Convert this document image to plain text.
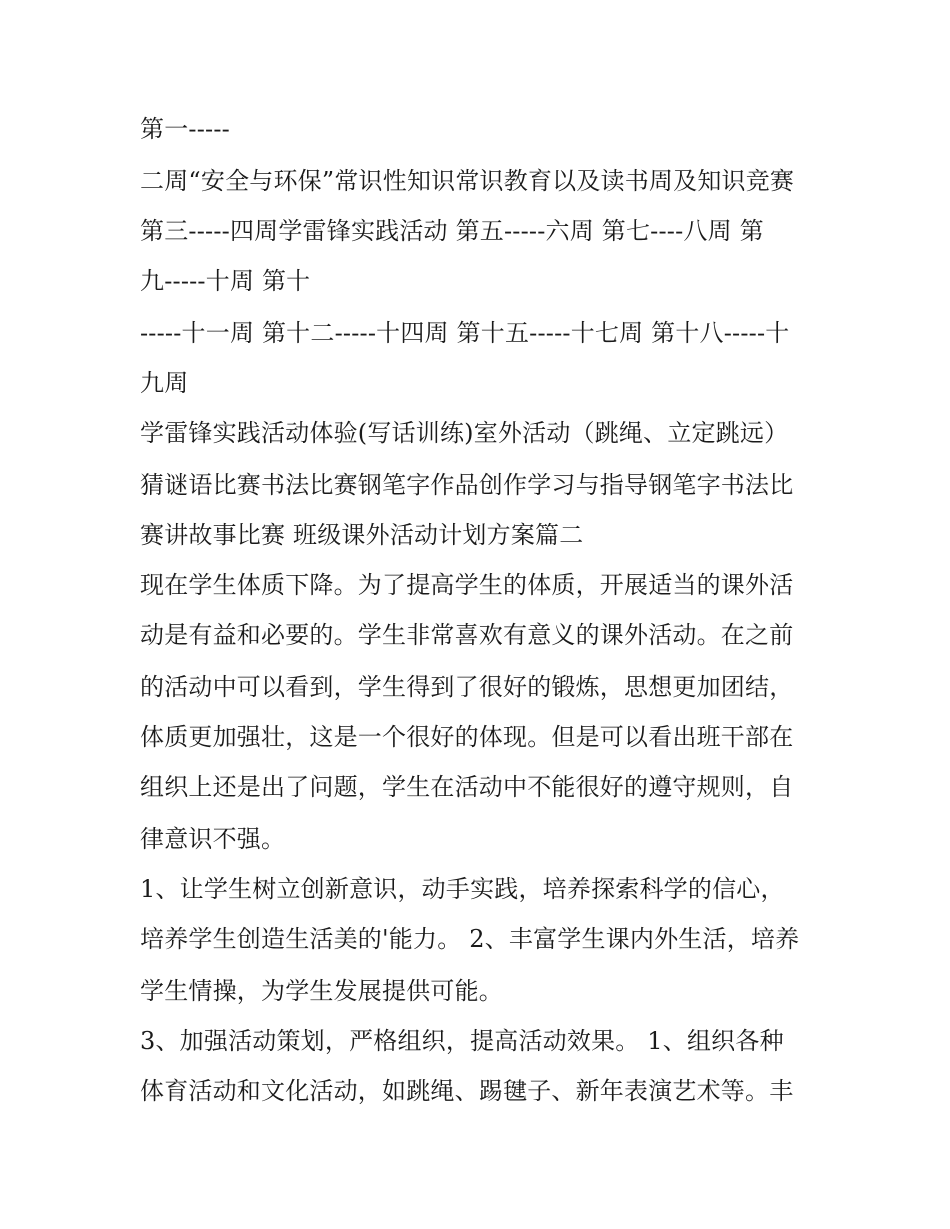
第一-----
二周“安全与环保”常识性知识常识教育以及读书周及知识竞赛
第三-----四周学雷锋实践活动 第五-----六周 第七----八周 第
九-----十周 第十
-----十一周 第十二-----十四周 第十五-----十七周 第十八-----十
九周
学雷锋实践活动体验(写话训练)室外活动（跳绳、立定跳远）
猜谜语比赛书法比赛钢笔字作品创作学习与指导钢笔字书法比
赛讲故事比赛 班级课外活动计划方案篇二
现在学生体质下降。为了提高学生的体质，开展适当的课外活
动是有益和必要的。学生非常喜欢有意义的课外活动。在之前
的活动中可以看到，学生得到了很好的锻炼，思想更加团结，
体质更加强壮，这是一个很好的体现。但是可以看出班干部在
组织上还是出了问题，学生在活动中不能很好的遵守规则，自
律意识不强。
1、让学生树立创新意识，动手实践，培养探索科学的信心，
培养学生创造生活美的'能力。 2、丰富学生课内外生活，培养
学生情操，为学生发展提供可能。
3、加强活动策划，严格组织，提高活动效果。 1、组织各种
体育活动和文化活动，如跳绳、踢毽子、新年表演艺术等。丰
